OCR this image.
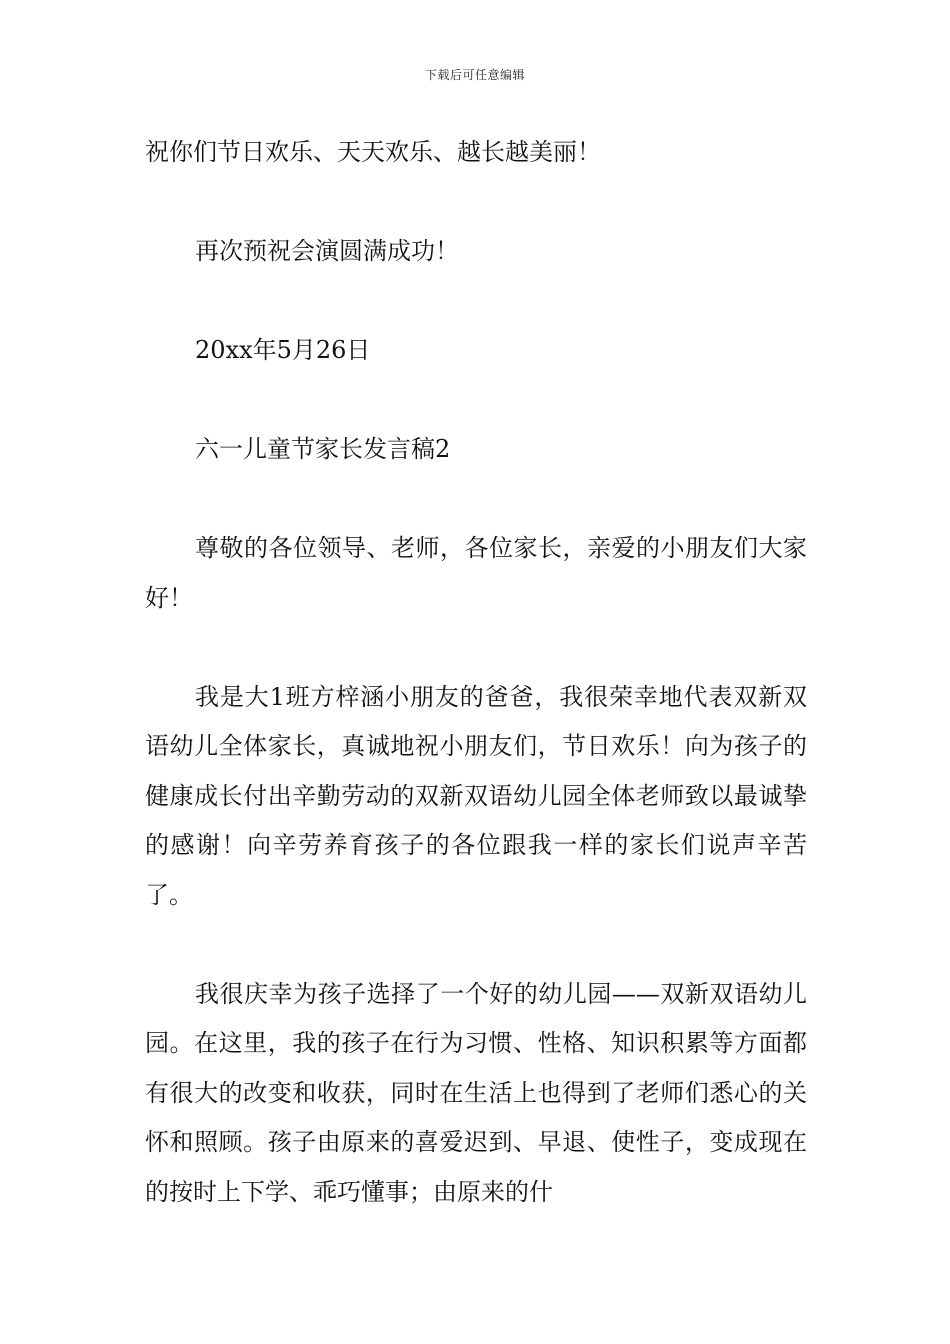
下载后可任意编辑

祝你们节日欢乐、天天欢乐、越长越美丽！

再次预祝会演圆满成功！

20xx年5月26日

六一儿童节家长发言稿2

尊敬的各位领导、老师，各位家长，亲爱的小朋友们大家好！

我是大1班方梓涵小朋友的爸爸，我很荣幸地代表双新双语幼儿全体家长，真诚地祝小朋友们，节日欢乐！向为孩子的健康成长付出辛勤劳动的双新双语幼儿园全体老师致以最诚挚的感谢！向辛劳养育孩子的各位跟我一样的家长们说声辛苦了。

我很庆幸为孩子选择了一个好的幼儿园——双新双语幼儿园。在这里，我的孩子在行为习惯、性格、知识积累等方面都有很大的改变和收获，同时在生活上也得到了老师们悉心的关怀和照顾。孩子由原来的喜爱迟到、早退、使性子，变成现在的按时上下学、乖巧懂事；由原来的什
